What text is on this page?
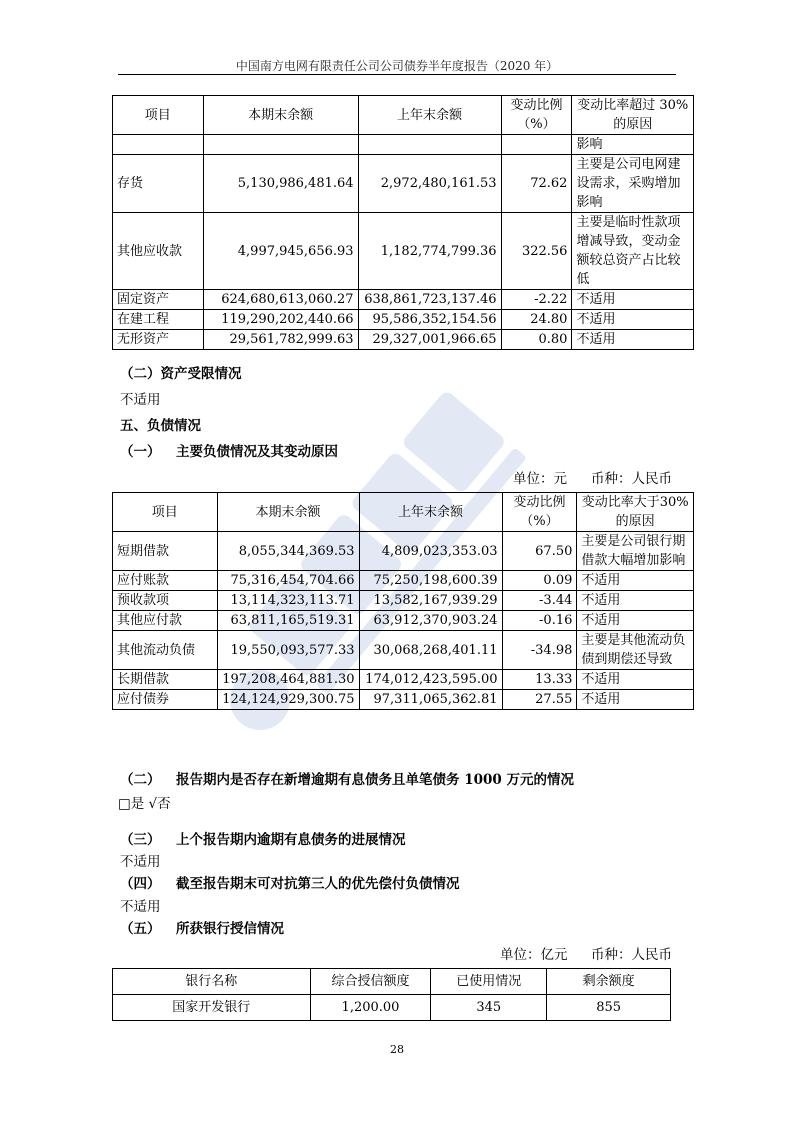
中国南方电网有限责任公司公司债券半年度报告（2020 年）
项目	本期末余额	上年末余额	变动比例（%）	变动比率超过 30%的原因
				影响
存货	5,130,986,481.64	2,972,480,161.53	72.62	主要是公司电网建设需求，采购增加影响
其他应收款	4,997,945,656.93	1,182,774,799.36	322.56	主要是临时性款项增减导致，变动金额较总资产占比较低
固定资产	624,680,613,060.27	638,861,723,137.46	-2.22	不适用
在建工程	119,290,202,440.66	95,586,352,154.56	24.80	不适用
无形资产	29,561,782,999.63	29,327,001,966.65	0.80	不适用
（二）资产受限情况
不适用
五、负债情况
（一） 主要负债情况及其变动原因
单位：元 币种：人民币
项目	本期末余额	上年末余额	变动比例（%）	变动比率大于30%的原因
短期借款	8,055,344,369.53	4,809,023,353.03	67.50	主要是公司银行期借款大幅增加影响
应付账款	75,316,454,704.66	75,250,198,600.39	0.09	不适用
预收款项	13,114,323,113.71	13,582,167,939.29	-3.44	不适用
其他应付款	63,811,165,519.31	63,912,370,903.24	-0.16	不适用
其他流动负债	19,550,093,577.33	30,068,268,401.11	-34.98	主要是其他流动负债到期偿还导致
长期借款	197,208,464,881.30	174,012,423,595.00	13.33	不适用
应付债券	124,124,929,300.75	97,311,065,362.81	27.55	不适用
（二） 报告期内是否存在新增逾期有息债务且单笔债务 1000 万元的情况
□是 √否
（三） 上个报告期内逾期有息债务的进展情况
不适用
（四） 截至报告期末可对抗第三人的优先偿付负债情况
不适用
（五） 所获银行授信情况
单位：亿元 币种：人民币
银行名称	综合授信额度	已使用情况	剩余额度
国家开发银行	1,200.00	345	855
28
